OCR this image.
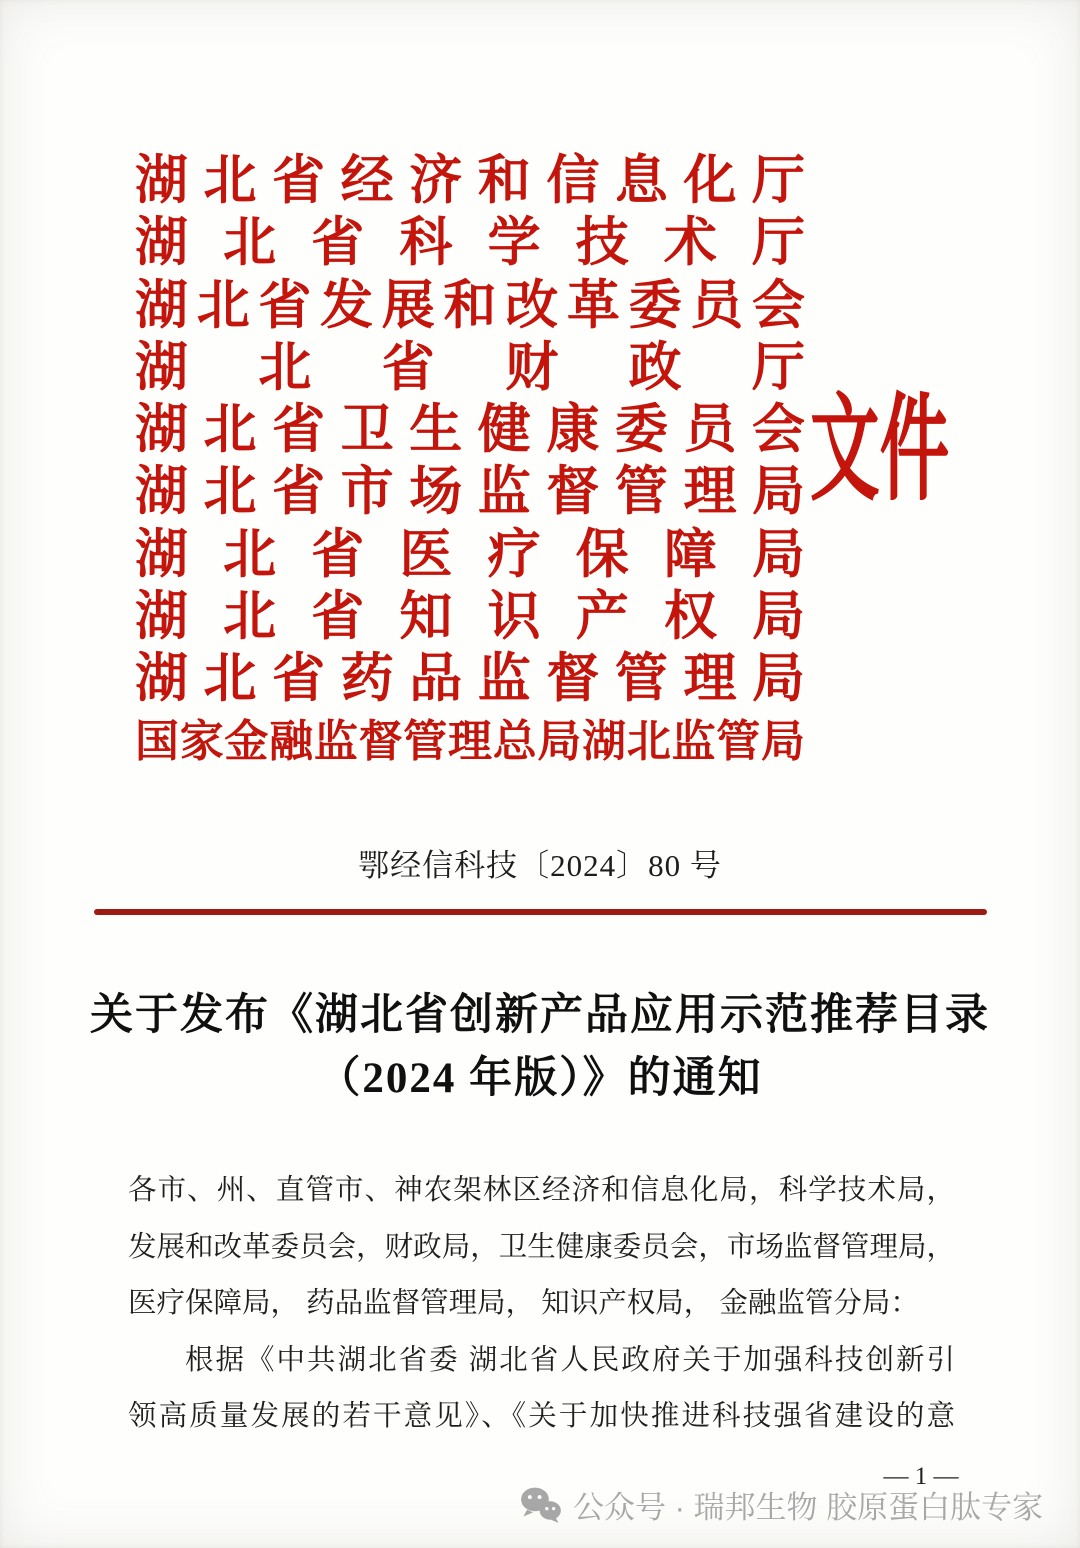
湖北省经济和信息化厅
湖北省科学技术厅
湖北省发展和改革委员会
湖北省财政厅
湖北省卫生健康委员会
湖北省市场监督管理局
湖北省医疗保障局
湖北省知识产权局
湖北省药品监督管理局
国家金融监督管理总局湖北监管局
文件
鄂经信科技〔2024〕80 号
关于发布《湖北省创新产品应用示范推荐目录
（2024 年版）》的通知
各市、州、直管市、神农架林区经济和信息化局，科学技术局，
发展和改革委员会，财政局，卫生健康委员会，市场监督管理局，
医疗保障局， 药品监督管理局， 知识产权局， 金融监管分局：
根据《中共湖北省委 湖北省人民政府关于加强科技创新引
领高质量发展的若干意见》、《关于加快推进科技强省建设的意
— 1 —
公众号 · 瑞邦生物 胶原蛋白肽专家
